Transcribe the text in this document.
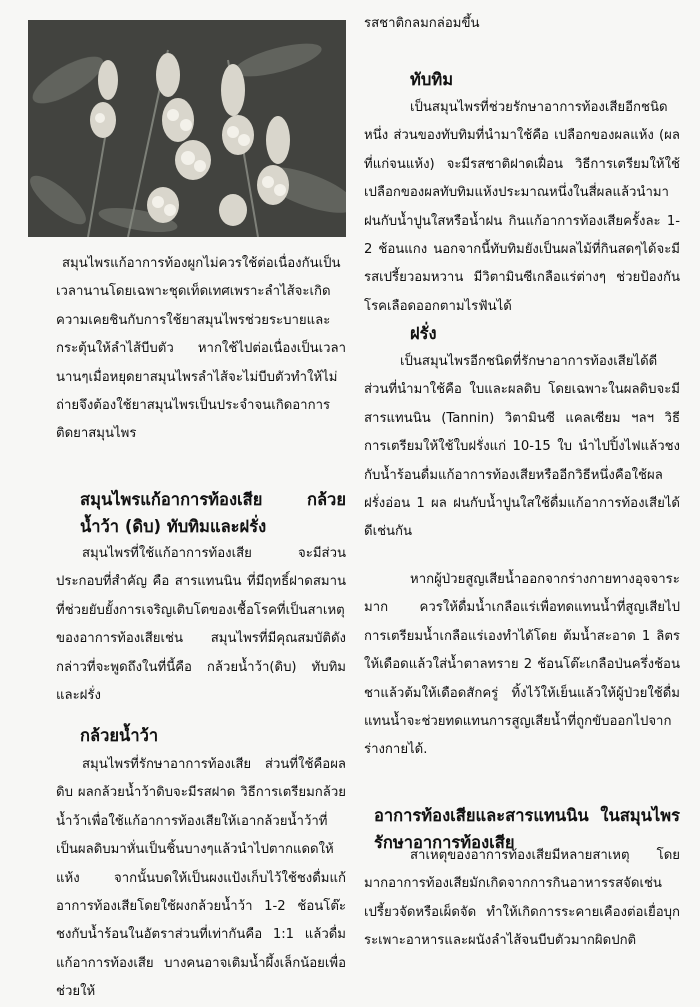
สมุนไพรแก้อาการท้องผูกไม่ควรใช้ต่อเนื่องกันเป็นเวลานานโดยเฉพาะชุดเท็ดเทศเพราะลำไส้จะเกิดความเคยชินกับการใช้ยาสมุนไพรช่วยระบายและกระตุ้นให้ลำไส้บีบตัว หากใช้ไปต่อเนื่องเป็นเวลานานๆเมื่อหยุดยาสมุนไพรลำไส้จะไม่บีบตัวทำให้ไม่ถ่ายจึงต้องใช้ยาสมุนไพรเป็นประจำจนเกิดอาการติดยาสมุนไพร

สมุนไพรแก้อาการท้องเสีย กล้วยน้ำว้า (ดิบ) ทับทิมและฝรั่ง

สมุนไพรที่ใช้แก้อาการท้องเสีย จะมีส่วนประกอบที่สำคัญ คือ สารแทนนิน ที่มีฤทธิ์ฝาดสมานที่ช่วยยับยั้งการเจริญเติบโตของเชื้อโรคที่เป็นสาเหตุของอาการท้องเสียเช่น สมุนไพรที่มีคุณสมบัติดังกล่าวที่จะพูดถึงในที่นี้คือ กล้วยน้ำว้า(ดิบ) ทับทิมและฝรั่ง

กล้วยน้ำว้า

สมุนไพรที่รักษาอาการท้องเสีย ส่วนที่ใช้คือผลดิบ ผลกล้วยน้ำว้าดิบจะมีรสฝาด วิธีการเตรียมกล้วยน้ำว้าเพื่อใช้แก้อาการท้องเสียให้เอากล้วยน้ำว้าที่เป็นผลดิบมาหั่นเป็นชิ้นบางๆแล้วนำไปตากแดดให้แห้ง จากนั้นบดให้เป็นผงแป้งเก็บไว้ใช้ชงดื่มแก้อาการท้องเสียโดยใช้ผงกล้วยน้ำว้า 1-2 ช้อนโต๊ะชงกับน้ำร้อนในอัตราส่วนที่เท่ากันคือ 1:1 แล้วดื่มแก้อาการท้องเสีย บางคนอาจเติมน้ำผึ้งเล็กน้อยเพื่อช่วยให้

รสชาติกลมกล่อมขึ้น

ทับทิม

เป็นสมุนไพรที่ช่วยรักษาอาการท้องเสียอีกชนิดหนึ่ง ส่วนของทับทิมที่นำมาใช้คือ เปลือกของผลแห้ง (ผลที่แก่จนแห้ง) จะมีรสชาติฝาดเฝื่อน วิธีการเตรียมให้ใช้เปลือกของผลทับทิมแห้งประมาณหนึ่งในสี่ผลแล้วนำมาฝนกับน้ำปูนใสหรือน้ำฝน กินแก้อาการท้องเสียครั้งละ 1-2 ช้อนแกง นอกจากนี้ทับทิมยังเป็นผลไม้ที่กินสดๆได้จะมีรสเปรี้ยวอมหวาน มีวิตามินซีเกลือแร่ต่างๆ ช่วยป้องกันโรคเลือดออกตามไรฟันได้

ฝรั่ง

เป็นสมุนไพรอีกชนิดที่รักษาอาการท้องเสียได้ดี ส่วนที่นำมาใช้คือ ใบและผลดิบ โดยเฉพาะในผลดิบจะมีสารแทนนิน (Tannin) วิตามินซี แคลเซียม ฯลฯ วิธีการเตรียมให้ใช้ใบฝรั่งแก่ 10-15 ใบ นำไปปิ้งไฟแล้วชงกับน้ำร้อนดื่มแก้อาการท้องเสียหรืออีกวิธีหนึ่งคือใช้ผลฝรั่งอ่อน 1 ผล ฝนกับน้ำปูนใสใช้ดื่มแก้อาการท้องเสียได้ดีเช่นกัน

หากผู้ป่วยสูญเสียน้ำออกจากร่างกายทางอุจจาระมาก ควรให้ดื่มน้ำเกลือแร่เพื่อทดแทนน้ำที่สูญเสียไป การเตรียมน้ำเกลือแร่เองทำได้โดย ต้มน้ำสะอาด 1 ลิตรให้เดือดแล้วใส่น้ำตาลทราย 2 ช้อนโต๊ะเกลือป่นครึ่งช้อนชาแล้วต้มให้เดือดสักครู่ ทิ้งไว้ให้เย็นแล้วให้ผู้ป่วยใช้ดื่มแทนน้ำจะช่วยทดแทนการสูญเสียน้ำที่ถูกขับออกไปจากร่างกายได้.

อาการท้องเสียและสารแทนนิน ในสมุนไพรรักษาอาการท้องเสีย

สาเหตุของอาการท้องเสียมีหลายสาเหตุ โดยมากอาการท้องเสียมักเกิดจากการกินอาหารรสจัดเช่นเปรี้ยวจัดหรือเผ็ดจัด ทำให้เกิดการระคายเคืองต่อเยื่อบุกระเพาะอาหารและผนังลำไส้จนบีบตัวมากผิดปกติ
